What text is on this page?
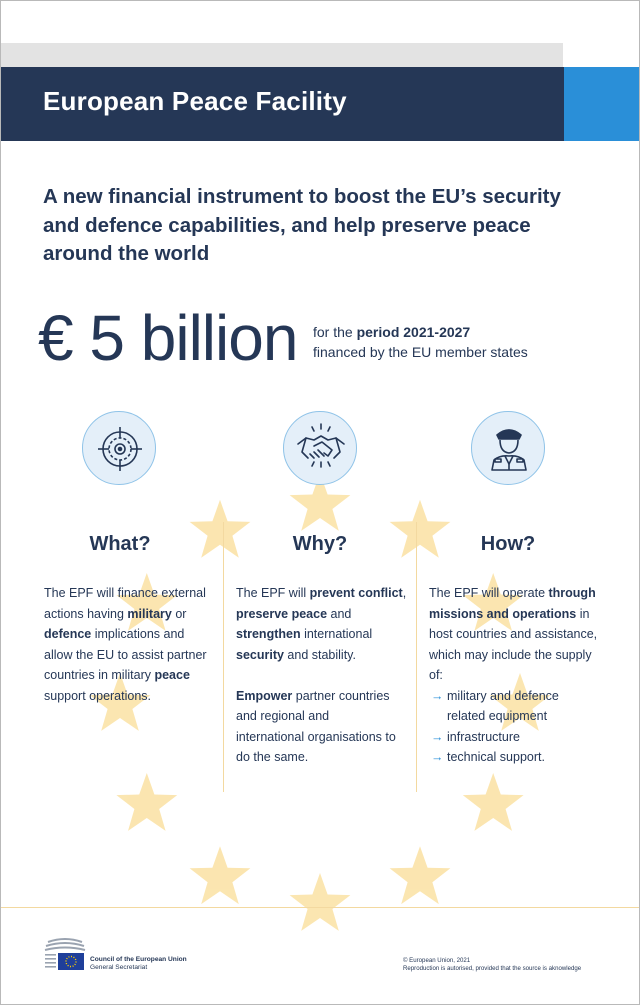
European Peace Facility
A new financial instrument to boost the EU’s security and defence capabilities, and help preserve peace around the world
€ 5 billion for the period 2021-2027
financed by the EU member states
What?	Why?	How?
The EPF will finance external actions having military or defence implications and allow the EU to assist partner countries in military peace support operations.
The EPF will prevent conflict, preserve peace and strengthen international security and stability.
Empower partner countries and regional and international organisations to do the same.
The EPF will operate through missions and operations in host countries and assistance, which may include the supply of:
→ military and defence related equipment
→ infrastructure
→ technical support.
Council of the European Union
General Secretariat
© European Union, 2021
Reproduction is autorised, provided that the source is aknowledge
